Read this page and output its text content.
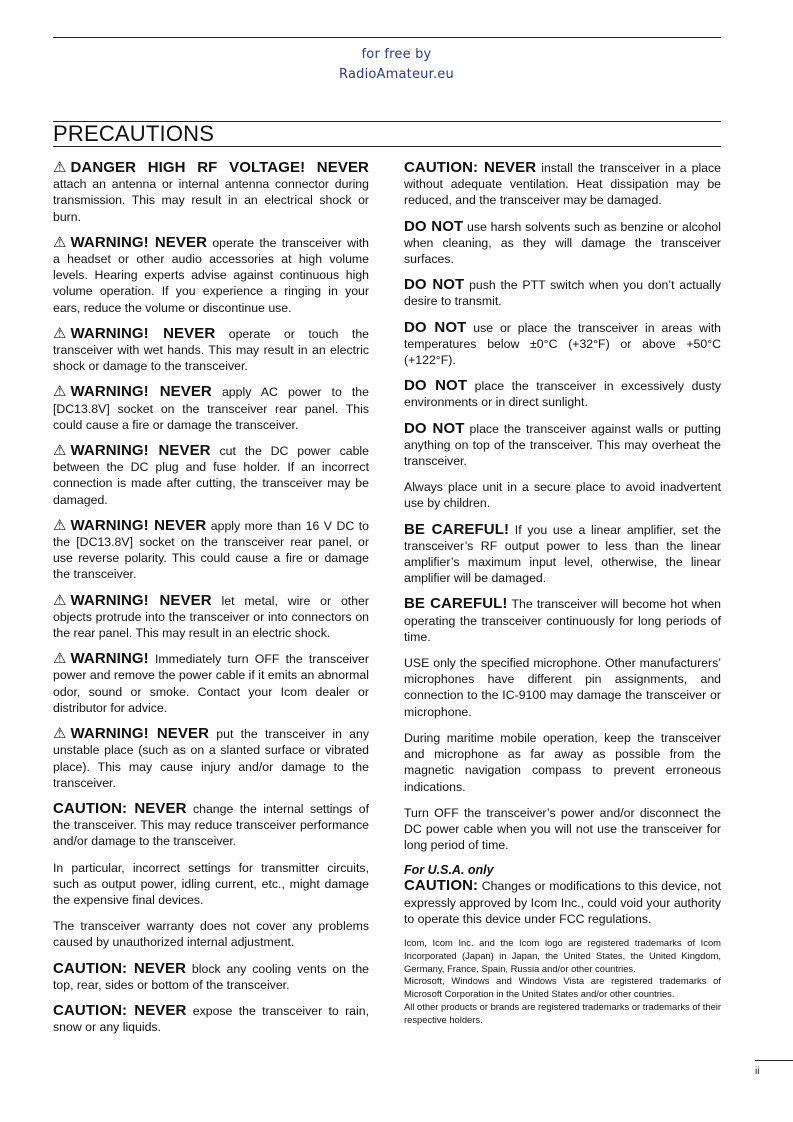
for free by
RadioAmateur.eu
PRECAUTIONS

⚠ DANGER HIGH RF VOLTAGE! NEVER attach an antenna or internal antenna connector during transmission. This may result in an electrical shock or burn.

⚠ WARNING! NEVER operate the transceiver with a headset or other audio accessories at high volume levels. Hearing experts advise against continuous high volume operation. If you experience a ringing in your ears, reduce the volume or discontinue use.

⚠ WARNING! NEVER operate or touch the transceiver with wet hands. This may result in an electric shock or damage to the transceiver.

⚠ WARNING! NEVER apply AC power to the [DC13.8V] socket on the transceiver rear panel. This could cause a fire or damage the transceiver.

⚠ WARNING! NEVER cut the DC power cable between the DC plug and fuse holder. If an incorrect connection is made after cutting, the transceiver may be damaged.

⚠ WARNING! NEVER apply more than 16 V DC to the [DC13.8V] socket on the transceiver rear panel, or use reverse polarity. This could cause a fire or damage the transceiver.

⚠ WARNING! NEVER let metal, wire or other objects protrude into the transceiver or into connectors on the rear panel. This may result in an electric shock.

⚠ WARNING! Immediately turn OFF the transceiver power and remove the power cable if it emits an abnormal odor, sound or smoke. Contact your Icom dealer or distributor for advice.

⚠ WARNING! NEVER put the transceiver in any unstable place (such as on a slanted surface or vibrated place). This may cause injury and/or damage to the transceiver.

CAUTION: NEVER change the internal settings of the transceiver. This may reduce transceiver performance and/or damage to the transceiver.

In particular, incorrect settings for transmitter circuits, such as output power, idling current, etc., might damage the expensive final devices.

The transceiver warranty does not cover any problems caused by unauthorized internal adjustment.

CAUTION: NEVER block any cooling vents on the top, rear, sides or bottom of the transceiver.

CAUTION: NEVER expose the transceiver to rain, snow or any liquids.

CAUTION: NEVER install the transceiver in a place without adequate ventilation. Heat dissipation may be reduced, and the transceiver may be damaged.

DO NOT use harsh solvents such as benzine or alcohol when cleaning, as they will damage the transceiver surfaces.

DO NOT push the PTT switch when you don’t actually desire to transmit.

DO NOT use or place the transceiver in areas with temperatures below ±0°C (+32°F) or above +50°C (+122°F).

DO NOT place the transceiver in excessively dusty environments or in direct sunlight.

DO NOT place the transceiver against walls or putting anything on top of the transceiver. This may overheat the transceiver.

Always place unit in a secure place to avoid inadvertent use by children.

BE CAREFUL! If you use a linear amplifier, set the transceiver’s RF output power to less than the linear amplifier’s maximum input level, otherwise, the linear amplifier will be damaged.

BE CAREFUL! The transceiver will become hot when operating the transceiver continuously for long periods of time.

USE only the specified microphone. Other manufacturers’ microphones have different pin assignments, and connection to the IC-9100 may damage the transceiver or microphone.

During maritime mobile operation, keep the transceiver and microphone as far away as possible from the magnetic navigation compass to prevent erroneous indications.

Turn OFF the transceiver’s power and/or disconnect the DC power cable when you will not use the transceiver for long period of time.

For U.S.A. only

CAUTION: Changes or modifications to this device, not expressly approved by Icom Inc., could void your authority to operate this device under FCC regulations.

Icom, Icom Inc. and the Icom logo are registered trademarks of Icom Incorporated (Japan) in Japan, the United States, the United Kingdom, Germany, France, Spain, Russia and/or other countries.

Microsoft, Windows and Windows Vista are registered trademarks of Microsoft Corporation in the United States and/or other countries.

All other products or brands are registered trademarks or trademarks of their respective holders.

ii
